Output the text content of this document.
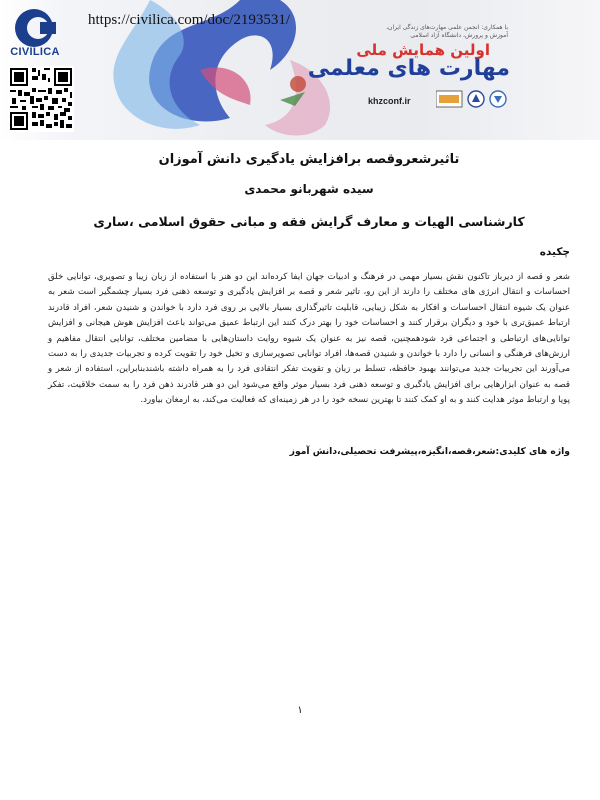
CIVILICA
https://civilica.com/doc/2193531/	با همکاری: انجمن علمی مهارت‌های زندگی ایران، آموزش و پرورش، دانشگاه آزاد اسلامی
اولین همایش ملی
مهارت های معلمی
khzconf.ir
تاثیرشعروقصه برافزایش یادگیری دانش آموزان
سیده شهربانو محمدی
کارشناسی الهیات و معارف گرایش فقه و مبانی حقوق اسلامی ،ساری
چکیده
شعر و قصه از دیرباز تاکنون نقش بسیار مهمی در فرهنگ و ادبیات جهان ایفا کرده‌اند این دو هنر با استفاده از زبان زیبا و تصویری، توانایی خلق احساسات و انتقال انرژی های مختلف را دارند از این رو، تاثیر شعر و قصه بر افزایش یادگیری و توسعه ذهنی فرد بسیار چشمگیر است شعر به عنوان یک شیوه انتقال احساسات و افکار به شکل زیبایی، قابلیت تاثیرگذاری بسیار بالایی بر روی فرد دارد با خواندن و شنیدن شعر، افراد قادرند ارتباط عمیق‌تری با خود و دیگران برقرار کنند و احساسات خود را بهتر درک کنند این ارتباط عمیق می‌تواند باعث افزایش هوش هیجانی و افزایش توانایی‌های ارتباطی و اجتماعی فرد شودهمچنین، قصه نیز به عنوان یک شیوه روایت داستان‌هایی با مضامین مختلف، توانایی انتقال مفاهیم و ارزش‌های فرهنگی و انسانی را دارد با خواندن و شنیدن قصه‌ها، افراد توانایی تصویرسازی و تخیل خود را تقویت کرده و تجربیات جدیدی را به دست می‌آورند این تجربیات جدید می‌توانند بهبود حافظه، تسلط بر زبان و تقویت تفکر انتقادی فرد را به همراه داشته باشندبنابراین، استفاده از شعر و قصه به عنوان ابزارهایی برای افزایش یادگیری و توسعه ذهنی فرد بسیار موثر واقع می‌شود این دو هنر قادرند ذهن فرد را به سمت خلاقیت، تفکر پویا و ارتباط موثر هدایت کنند و به او کمک کنند تا بهترین نسخه خود را در هر زمینه‌ای که فعالیت می‌کند، به ارمغان بیاورد.
واژه های کلیدی:شعر،قصه،انگیزه،پیشرفت تحصیلی،دانش آموز
۱
